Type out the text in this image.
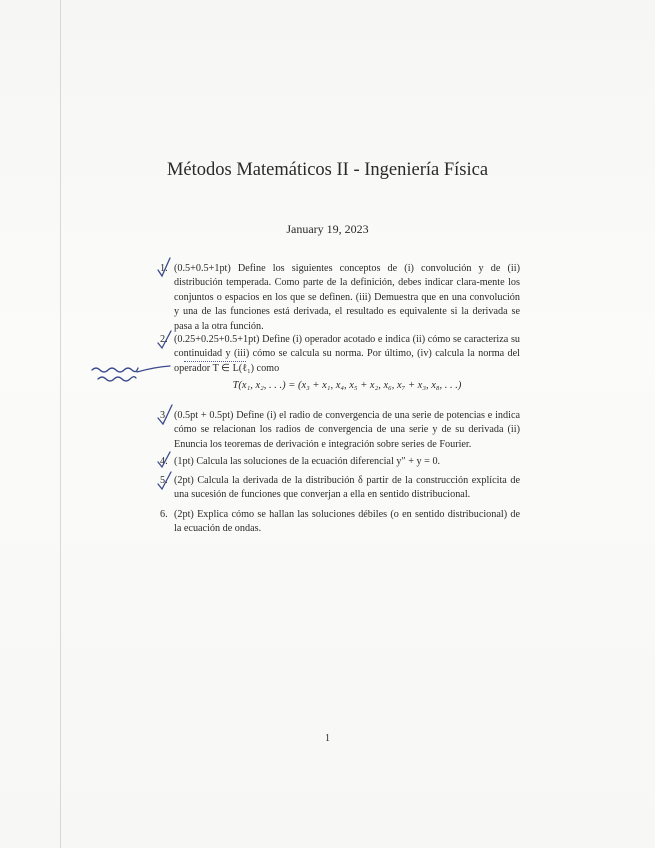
Métodos Matemáticos II - Ingeniería Física
January 19, 2023
1. (0.5+0.5+1pt) Define los siguientes conceptos de (i) convolución y de (ii) distribución temperada. Como parte de la definición, debes indicar clara-mente los conjuntos o espacios en los que se definen. (iii) Demuestra que en una convolución y una de las funciones está derivada, el resultado es equivalente si la derivada se pasa a la otra función.
2. (0.25+0.25+0.5+1pt) Define (i) operador acotado e indica (ii) cómo se caracteriza su continuidad y (iii) cómo se calcula su norma. Por último, (iv) calcula la norma del operador T ∈ L(ℓ₁) como
T(x₁, x₂, . . .) = (x₃ + x₁, x₄, x₅ + x₂, x₆, x₇ + x₃, x₈, . . .)
3. (0.5pt + 0.5pt) Define (i) el radio de convergencia de una serie de potencias e indica cómo se relacionan los radios de convergencia de una serie y de su derivada (ii) Enuncia los teoremas de derivación e integración sobre series de Fourier.
4. (1pt) Calcula las soluciones de la ecuación diferencial y″ + y = 0.
5. (2pt) Calcula la derivada de la distribución δ partir de la construcción explícita de una sucesión de funciones que converjan a ella en sentido distribucional.
6. (2pt) Explica cómo se hallan las soluciones débiles (o en sentido distribucional) de la ecuación de ondas.
1
